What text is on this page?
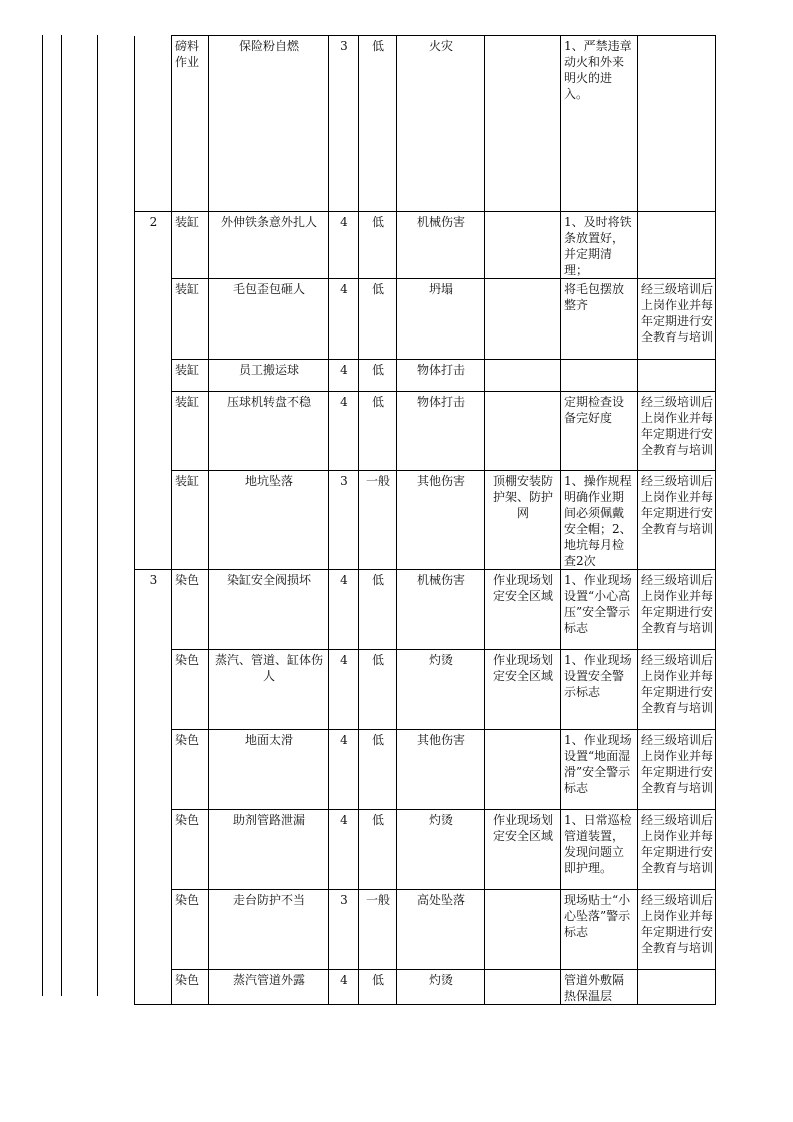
	磅料作业	保险粉自燃	3	低	火灾		1、严禁违章动火和外来明火的进入。	
2	装缸	外伸铁条意外扎人	4	低	机械伤害		1、及时将铁条放置好，并定期清理；	
	装缸	毛包歪包砸人	4	低	坍塌		将毛包摆放整齐	经三级培训后上岗作业并每年定期进行安全教育与培训
	装缸	员工搬运球	4	低	物体打击			
	装缸	压球机转盘不稳	4	低	物体打击		定期检查设备完好度	经三级培训后上岗作业并每年定期进行安全教育与培训
	装缸	地坑坠落	3	一般	其他伤害	顶棚安装防护架、防护网	1、操作规程明确作业期间必须佩戴安全帽；2、地坑每月检查2次	经三级培训后上岗作业并每年定期进行安全教育与培训
3	染色	染缸安全阀损坏	4	低	机械伤害	作业现场划定安全区域	1、作业现场设置“小心高压”安全警示标志	经三级培训后上岗作业并每年定期进行安全教育与培训
	染色	蒸汽、管道、缸体伤人	4	低	灼烫	作业现场划定安全区域	1、作业现场设置安全警示标志	经三级培训后上岗作业并每年定期进行安全教育与培训
	染色	地面太滑	4	低	其他伤害		1、作业现场设置“地面湿滑”安全警示标志	经三级培训后上岗作业并每年定期进行安全教育与培训
	染色	助剂管路泄漏	4	低	灼烫	作业现场划定安全区域	1、日常巡检管道装置，发现问题立即护理。	经三级培训后上岗作业并每年定期进行安全教育与培训
	染色	走台防护不当	3	一般	高处坠落		现场贴士“小心坠落”警示标志	经三级培训后上岗作业并每年定期进行安全教育与培训
	染色	蒸汽管道外露	4	低	灼烫		管道外敷隔热保温层	
